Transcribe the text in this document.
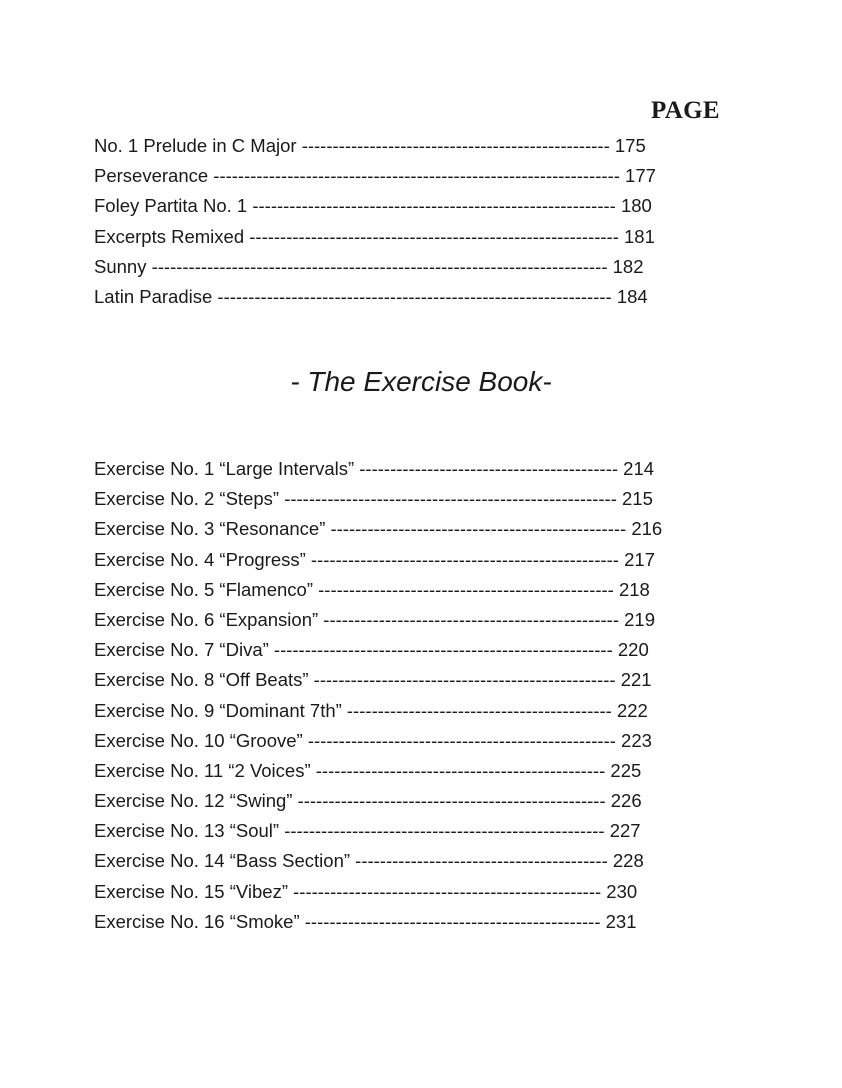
PAGE
No. 1 Prelude in C Major -------------------------------------------------- 175
Perseverance ------------------------------------------------------------------ 177
Foley Partita No. 1 ----------------------------------------------------------- 180
Excerpts Remixed ------------------------------------------------------------ 181
Sunny -------------------------------------------------------------------------- 182
Latin Paradise ---------------------------------------------------------------- 184
- The Exercise Book-
Exercise No. 1 “Large Intervals” ------------------------------------------ 214
Exercise No. 2 “Steps” ------------------------------------------------------ 215
Exercise No. 3 “Resonance” ------------------------------------------------ 216
Exercise No. 4 “Progress” -------------------------------------------------- 217
Exercise No. 5 “Flamenco” ------------------------------------------------ 218
Exercise No. 6 “Expansion” ------------------------------------------------ 219
Exercise No. 7 “Diva” ------------------------------------------------------- 220
Exercise No. 8 “Off Beats” ------------------------------------------------- 221
Exercise No. 9 “Dominant 7th” ------------------------------------------- 222
Exercise No. 10 “Groove” -------------------------------------------------- 223
Exercise No. 11 “2 Voices” ----------------------------------------------- 225
Exercise No. 12 “Swing” -------------------------------------------------- 226
Exercise No. 13 “Soul” ---------------------------------------------------- 227
Exercise No. 14 “Bass Section” ----------------------------------------- 228
Exercise No. 15 “Vibez” -------------------------------------------------- 230
Exercise No. 16 “Smoke” ------------------------------------------------ 231
